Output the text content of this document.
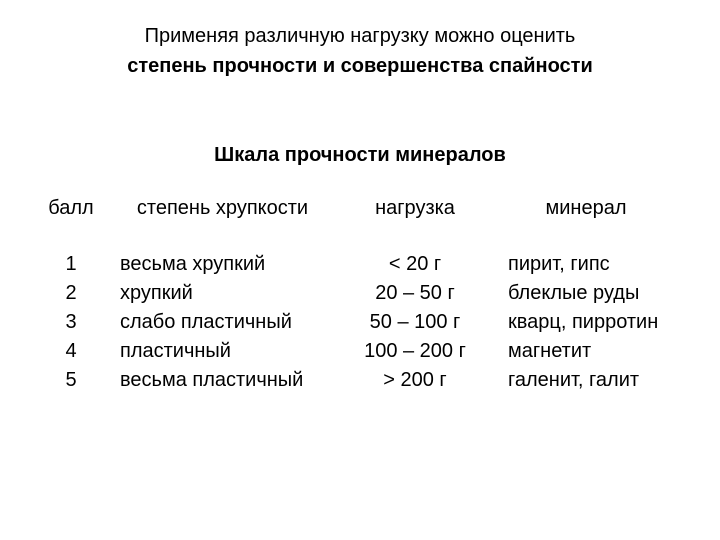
Применяя различную нагрузку можно оценить
степень прочности и совершенства спайности
Шкала прочности минералов
балл	степень хрупкости	нагрузка	минерал
1	весьма хрупкий	< 20 г	пирит, гипс
2	хрупкий	20 – 50 г	блеклые руды
3	слабо пластичный	50 – 100 г	кварц, пирротин
4	пластичный	100 – 200 г	магнетит
5	весьма пластичный	> 200 г	галенит, галит
